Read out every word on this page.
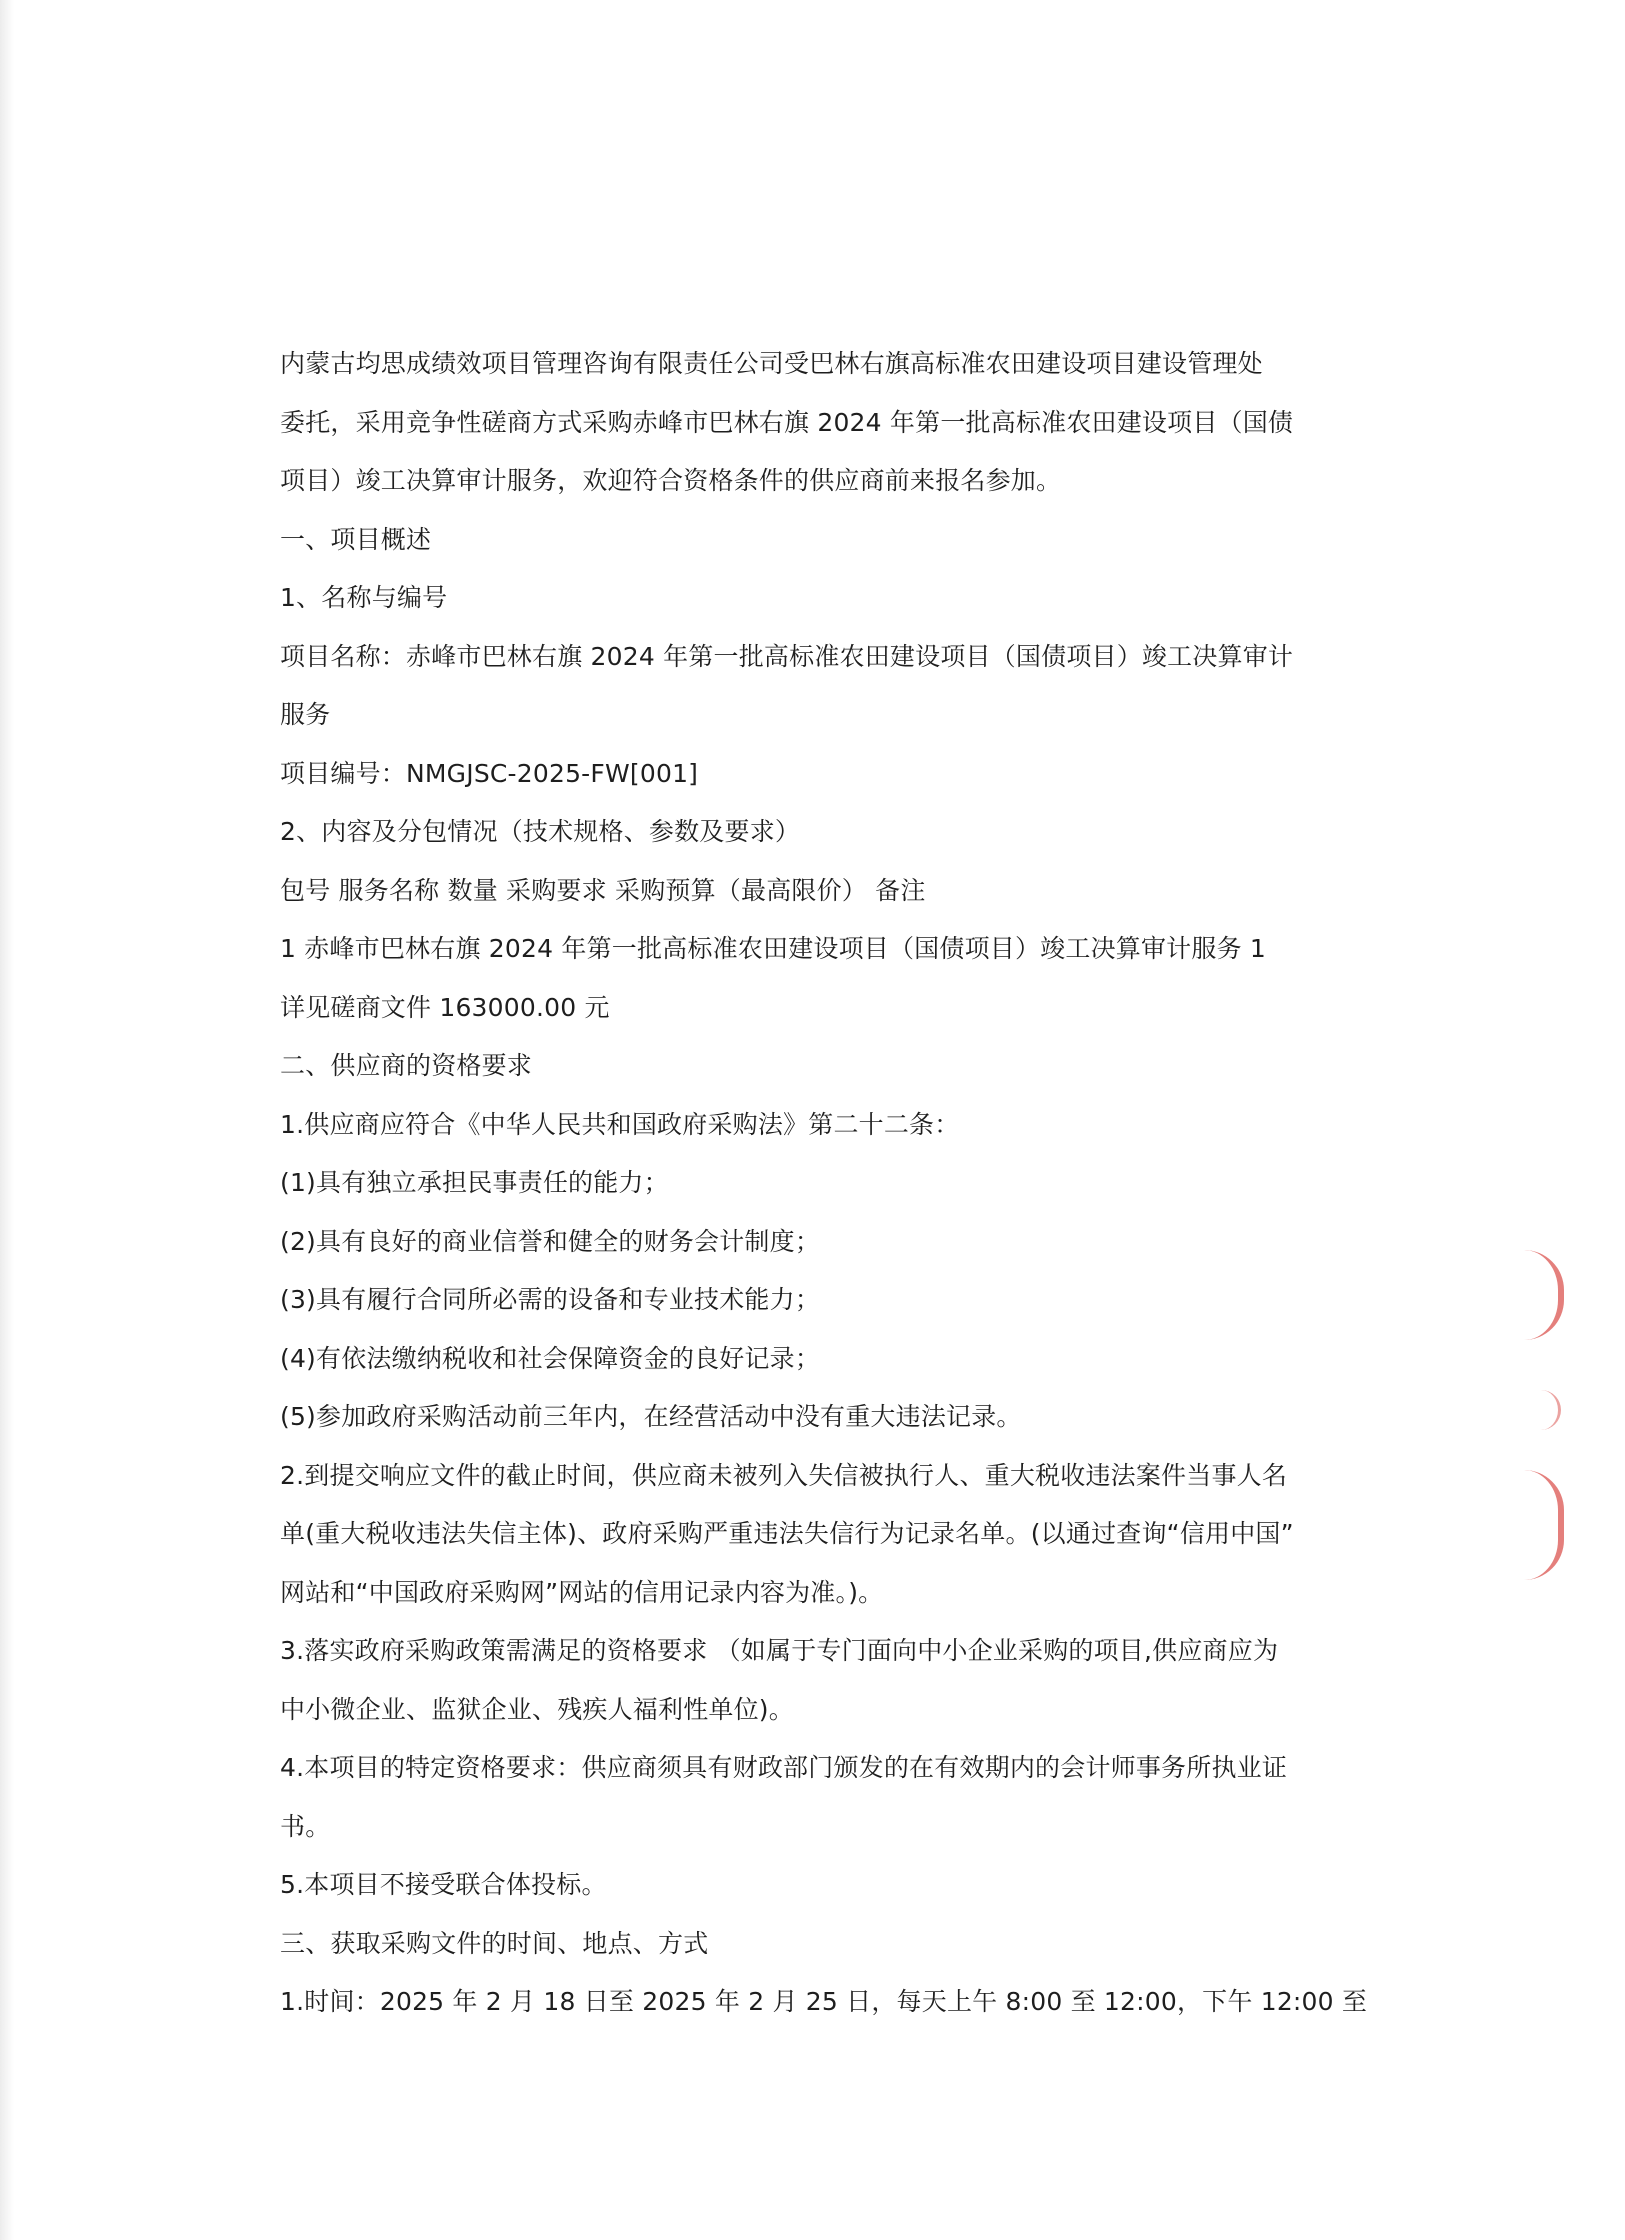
内蒙古均思成绩效项目管理咨询有限责任公司受巴林右旗高标准农田建设项目建设管理处
委托，采用竞争性磋商方式采购赤峰市巴林右旗 2024 年第一批高标准农田建设项目（国债
项目）竣工决算审计服务，欢迎符合资格条件的供应商前来报名参加。
一、项目概述
1、名称与编号
项目名称：赤峰市巴林右旗 2024 年第一批高标准农田建设项目（国债项目）竣工决算审计
服务
项目编号：NMGJSC-2025-FW[001]
2、内容及分包情况（技术规格、参数及要求）
包号 服务名称 数量 采购要求 采购预算（最高限价） 备注
1 赤峰市巴林右旗 2024 年第一批高标准农田建设项目（国债项目）竣工决算审计服务 1
详见磋商文件 163000.00 元
二、供应商的资格要求
1.供应商应符合《中华人民共和国政府采购法》第二十二条：
(1)具有独立承担民事责任的能力；
(2)具有良好的商业信誉和健全的财务会计制度；
(3)具有履行合同所必需的设备和专业技术能力；
(4)有依法缴纳税收和社会保障资金的良好记录；
(5)参加政府采购活动前三年内，在经营活动中没有重大违法记录。
2.到提交响应文件的截止时间，供应商未被列入失信被执行人、重大税收违法案件当事人名
单(重大税收违法失信主体)、政府采购严重违法失信行为记录名单。(以通过查询“信用中国”
网站和“中国政府采购网”网站的信用记录内容为准。)。
3.落实政府采购政策需满足的资格要求 （如属于专门面向中小企业采购的项目,供应商应为
中小微企业、监狱企业、残疾人福利性单位)。
4.本项目的特定资格要求：供应商须具有财政部门颁发的在有效期内的会计师事务所执业证
书。
5.本项目不接受联合体投标。
三、获取采购文件的时间、地点、方式
1.时间：2025 年 2 月 18 日至 2025 年 2 月 25 日，每天上午 8:00 至 12:00，下午 12:00 至
